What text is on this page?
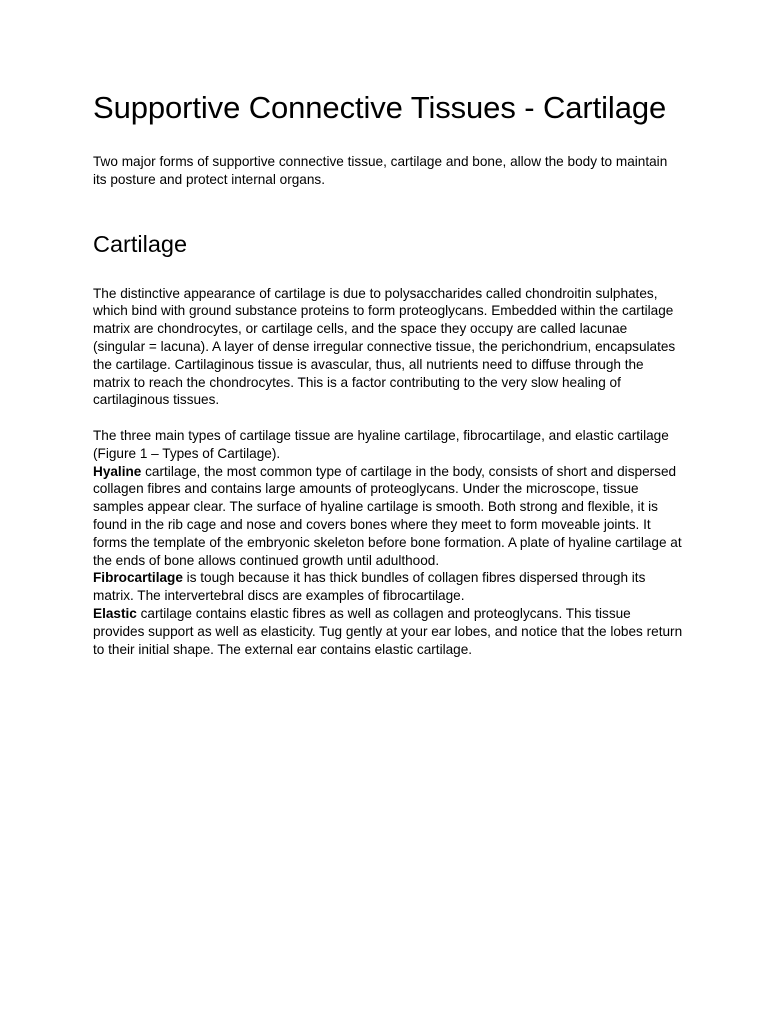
Supportive Connective Tissues - Cartilage

Two major forms of supportive connective tissue, cartilage and bone, allow the body to maintain its posture and protect internal organs.

Cartilage

The distinctive appearance of cartilage is due to polysaccharides called chondroitin sulphates, which bind with ground substance proteins to form proteoglycans. Embedded within the cartilage matrix are chondrocytes, or cartilage cells, and the space they occupy are called lacunae (singular = lacuna). A layer of dense irregular connective tissue, the perichondrium, encapsulates the cartilage. Cartilaginous tissue is avascular, thus, all nutrients need to diffuse through the matrix to reach the chondrocytes. This is a factor contributing to the very slow healing of cartilaginous tissues.

The three main types of cartilage tissue are hyaline cartilage, fibrocartilage, and elastic cartilage (Figure 1 – Types of Cartilage).

Hyaline cartilage, the most common type of cartilage in the body, consists of short and dispersed collagen fibres and contains large amounts of proteoglycans. Under the microscope, tissue samples appear clear. The surface of hyaline cartilage is smooth. Both strong and flexible, it is found in the rib cage and nose and covers bones where they meet to form moveable joints. It forms the template of the embryonic skeleton before bone formation. A plate of hyaline cartilage at the ends of bone allows continued growth until adulthood.

Fibrocartilage is tough because it has thick bundles of collagen fibres dispersed through its matrix. The intervertebral discs are examples of fibrocartilage.

Elastic cartilage contains elastic fibres as well as collagen and proteoglycans. This tissue provides support as well as elasticity. Tug gently at your ear lobes, and notice that the lobes return to their initial shape. The external ear contains elastic cartilage.
